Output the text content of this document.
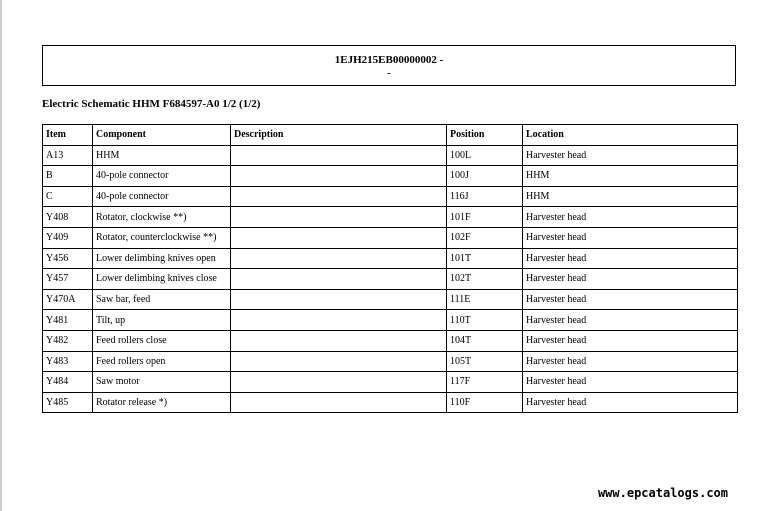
1EJH215EB00000002 -
-
Electric Schematic HHM F684597-A0 1/2 (1/2)
Item	Component	Description	Position	Location
A13	HHM		100L	Harvester head
B	40-pole connector		100J	HHM
C	40-pole connector		116J	HHM
Y408	Rotator, clockwise **)		101F	Harvester head
Y409	Rotator, counterclockwise **)		102F	Harvester head
Y456	Lower delimbing knives open		101T	Harvester head
Y457	Lower delimbing knives close		102T	Harvester head
Y470A	Saw bar, feed		111E	Harvester head
Y481	Tilt, up		110T	Harvester head
Y482	Feed rollers close		104T	Harvester head
Y483	Feed rollers open		105T	Harvester head
Y484	Saw motor		117F	Harvester head
Y485	Rotator release *)		110F	Harvester head
www.epcatalogs.com
